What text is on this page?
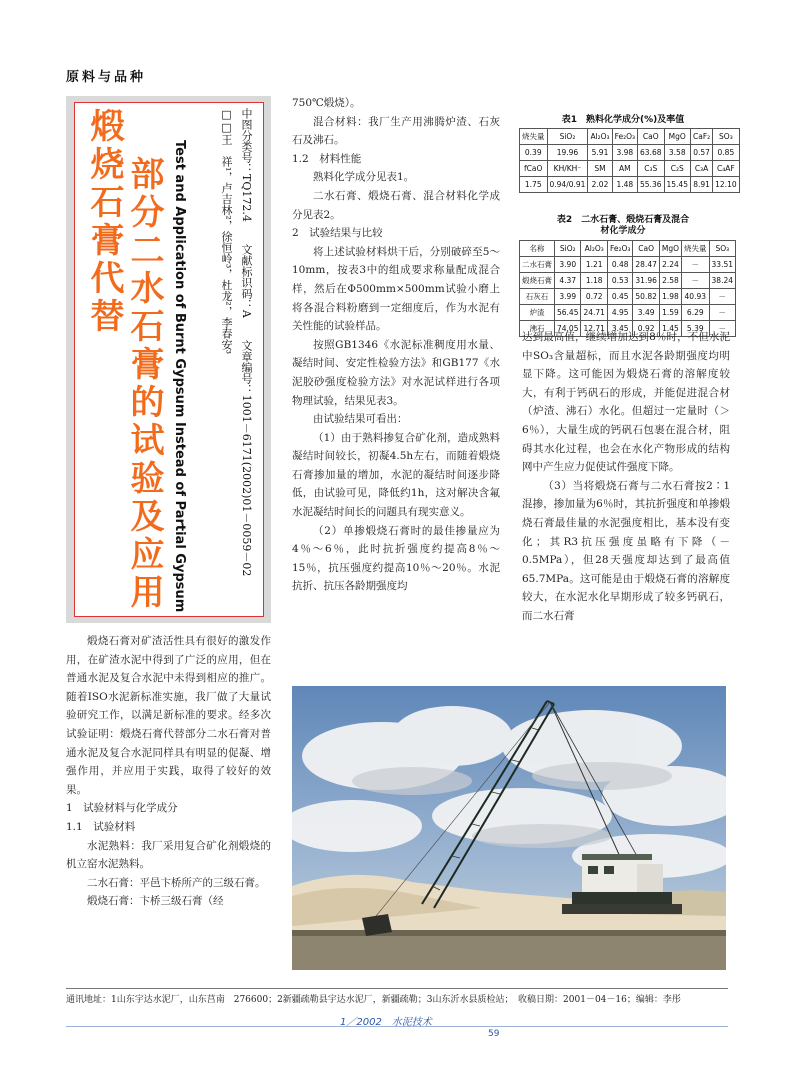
原料与品种
煅烧石膏代替 部分二水石膏的试验及应用 Test and Application of Burnt Gypsum Instead of Partial Gypsum	中图分类号：TQ172.4　　文献标识码：A　　文章编号：1001－6171(2002)01－0059－02
□□王　祥¹，卢吉林²，徐恒岭³，杜龙²，李春安³

煅烧石膏对矿渣活性具有很好的激发作用，在矿渣水泥中得到了广泛的应用，但在普通水泥及复合水泥中未得到相应的推广。随着ISO水泥新标准实施，我厂做了大量试验研究工作，以满足新标准的要求。经多次试验证明：煅烧石膏代替部分二水石膏对普通水泥及复合水泥同样具有明显的促凝、增强作用，并应用于实践，取得了较好的效果。

1　试验材料与化学成分

1.1　试验材料

水泥熟料：我厂采用复合矿化剂煅烧的机立窑水泥熟料。

二水石膏：平邑卞桥所产的三级石膏。

煅烧石膏：卞桥三级石膏（经

750℃煅烧）。

混合材料：我厂生产用沸腾炉渣、石灰石及沸石。

1.2　材料性能

熟料化学成分见表1。

二水石膏、煅烧石膏、混合材料化学成分见表2。

2　试验结果与比较

将上述试验材料烘干后，分别破碎至5～10mm，按表3中的组成要求称量配成混合样，然后在Φ500mm×500mm试验小磨上将各混合料粉磨到一定细度后，作为水泥有关性能的试验样品。

按照GB1346《水泥标准稠度用水量、凝结时间、安定性检验方法》和GB177《水泥胶砂强度检验方法》对水泥试样进行各项物理试验，结果见表3。

由试验结果可看出：

（1）由于熟料掺复合矿化剂，造成熟料凝结时间较长，初凝4.5h左右，而随着煅烧石膏掺加量的增加，水泥的凝结时间逐步降低，由试验可见，降低约1h，这对解决含氟水泥凝结时间长的问题具有现实意义。

（2）单掺煅烧石膏时的最佳掺量应为4％～6％，此时抗折强度约提高8％～15％，抗压强度约提高10％～20％。水泥抗折、抗压各龄期强度均

表1　熟料化学成分(%)及率值
烧失量	SiO₂	Al₂O₃	Fe₂O₃	CaO	MgO	CaF₂	SO₃
0.39	19.96	5.91	3.98	63.68	3.58	0.57	0.85
fCaO	KH/KH⁻	SM	AM	C₃S	C₂S	C₃A	C₄AF
1.75	0.94/0.91	2.02	1.48	55.36	15.45	8.91	12.10
表2　二水石膏、煅烧石膏及混合材化学成分
名称	SiO₂	Al₂O₃	Fe₂O₃	CaO	MgO	烧失量	SO₃
二水石膏	3.90	1.21	0.48	28.47	2.24	－	33.51
煅烧石膏	4.37	1.18	0.53	31.96	2.58	－	38.24
石灰石	3.99	0.72	0.45	50.82	1.98	40.93	－
炉渣	56.45	24.71	4.95	3.49	1.59	6.29	－
沸石	74.05	12.71	3.45	0.92	1.45	5.39	－

达到最高值，继续增加达到8％时，不但水泥中SO₃含量超标，而且水泥各龄期强度均明显下降。这可能因为煅烧石膏的溶解度较大，有利于钙矾石的形成，并能促进混合材（炉渣、沸石）水化。但超过一定量时（＞6％），大量生成的钙矾石包裹在混合材，阻碍其水化过程，也会在水化产物形成的结构网中产生应力促使试件强度下降。

（3）当将煅烧石膏与二水石膏按2∶1混掺，掺加量为6％时，其抗折强度和单掺煅烧石膏最佳量的水泥强度相比，基本没有变化；其R3抗压强度虽略有下降（－0.5MPa），但28天强度却达到了最高值65.7MPa。这可能是由于煅烧石膏的溶解度较大，在水泥水化早期形成了较多钙矾石，而二水石膏

通讯地址：1山东宇达水泥厂，山东莒南　276600；2新疆疏勒县宇达水泥厂，新疆疏勒；3山东沂水县质检站；　收稿日期：2001－04－16；编辑：李彤
1／2002　水泥技术
59
